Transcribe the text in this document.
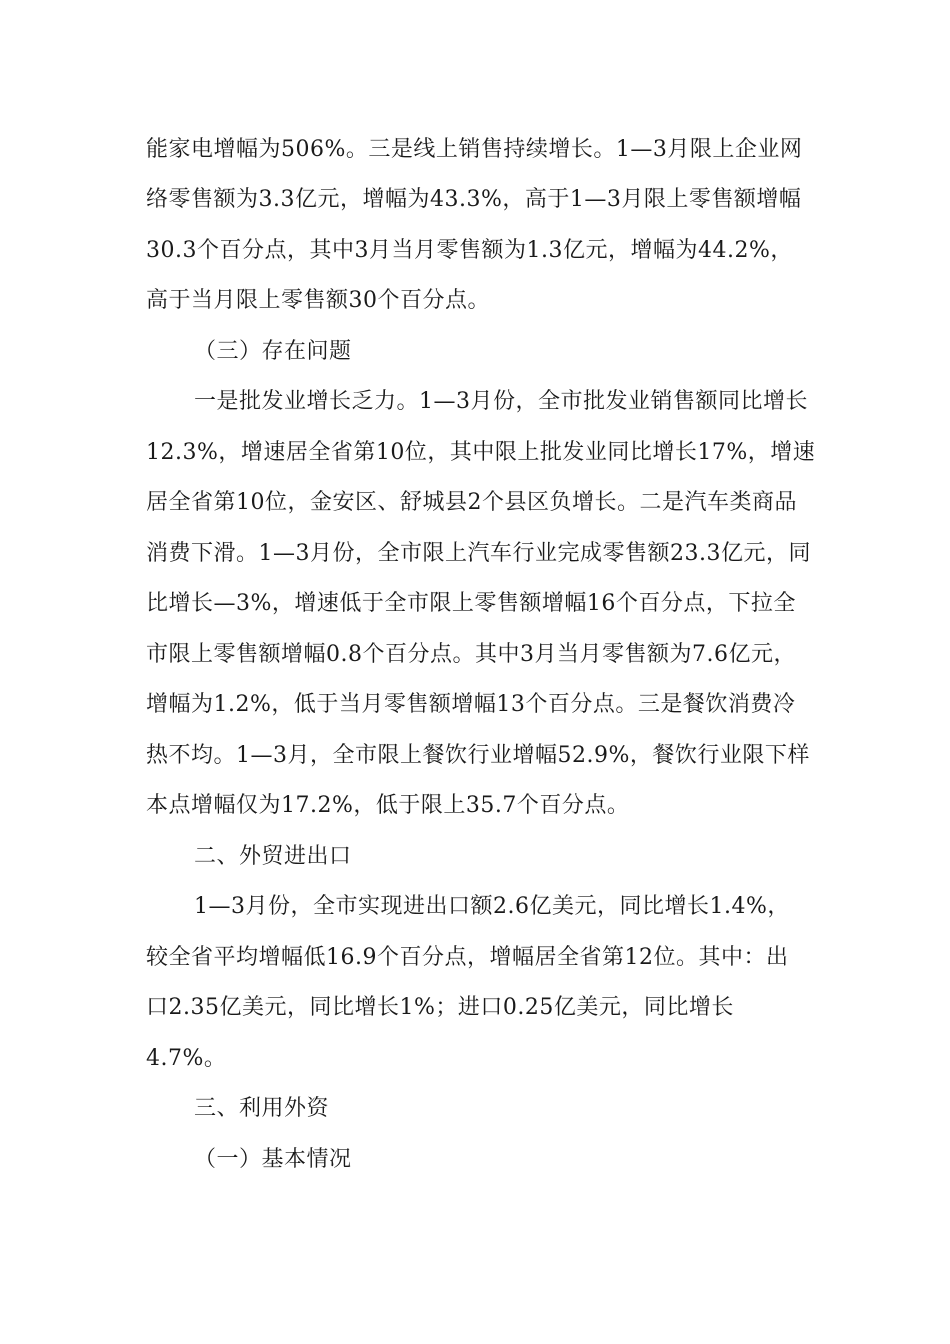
能家电增幅为506%。三是线上销售持续增长。1—3月限上企业网
络零售额为3.3亿元，增幅为43.3%，高于1—3月限上零售额增幅
30.3个百分点，其中3月当月零售额为1.3亿元，增幅为44.2%，
高于当月限上零售额30个百分点。
（三）存在问题
一是批发业增长乏力。1—3月份，全市批发业销售额同比增长
12.3%，增速居全省第10位，其中限上批发业同比增长17%，增速
居全省第10位，金安区、舒城县2个县区负增长。二是汽车类商品
消费下滑。1—3月份，全市限上汽车行业完成零售额23.3亿元，同
比增长—3%，增速低于全市限上零售额增幅16个百分点，下拉全
市限上零售额增幅0.8个百分点。其中3月当月零售额为7.6亿元，
增幅为1.2%，低于当月零售额增幅13个百分点。三是餐饮消费冷
热不均。1—3月，全市限上餐饮行业增幅52.9%，餐饮行业限下样
本点增幅仅为17.2%，低于限上35.7个百分点。
二、外贸进出口
1—3月份，全市实现进出口额2.6亿美元，同比增长1.4%，
较全省平均增幅低16.9个百分点，增幅居全省第12位。其中：出
口2.35亿美元，同比增长1%；进口0.25亿美元，同比增长
4.7%。
三、利用外资
（一）基本情况
